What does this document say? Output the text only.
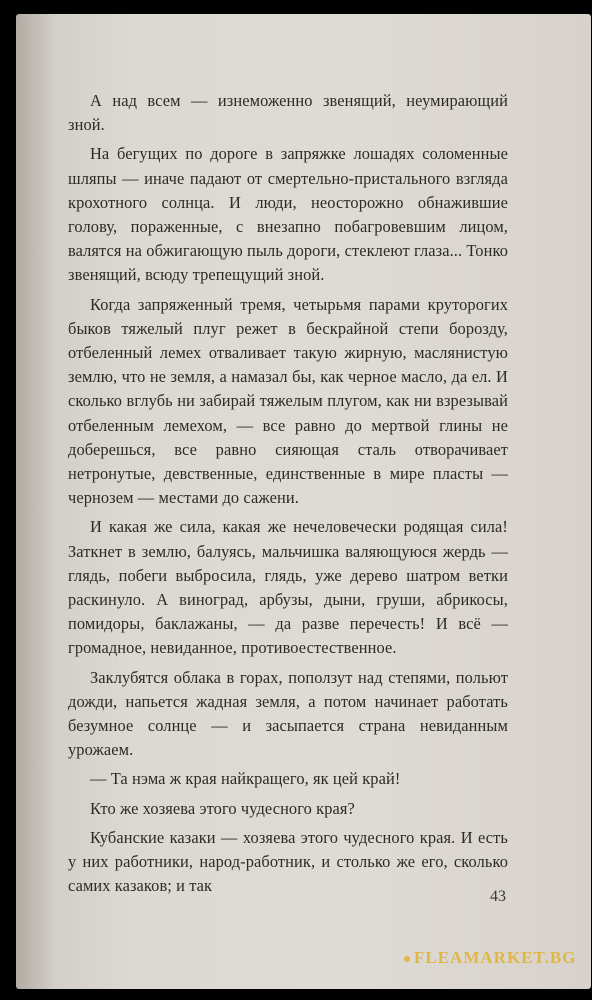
А над всем — изнеможенно звенящий, неумирающий зной.

На бегущих по дороге в запряжке лошадях соломенные шляпы — иначе падают от смертельно-пристального взгляда крохотного солнца. И люди, неосторожно обнажившие голову, пораженные, с внезапно побагровевшим лицом, валятся на обжигающую пыль дороги, стеклеют глаза... Тонко звенящий, всюду трепещущий зной.

Когда запряженный тремя, четырьмя парами круторогих быков тяжелый плуг режет в бескрайной степи борозду, отбеленный лемех отваливает такую жирную, маслянистую землю, что не земля, а намазал бы, как черное масло, да ел. И сколько вглубь ни забирай тяжелым плугом, как ни взрезывай отбеленным лемехом, — все равно до мертвой глины не доберешься, все равно сияющая сталь отворачивает нетронутые, девственные, единственные в мире пласты — чернозем — местами до сажени.

И какая же сила, какая же нечеловечески родящая сила! Заткнет в землю, балуясь, мальчишка валяющуюся жердь — глядь, побеги выбросила, глядь, уже дерево шатром ветки раскинуло. А виноград, арбузы, дыни, груши, абрикосы, помидоры, баклажаны, — да разве перечесть! И всё — громадное, невиданное, противоестественное.

Заклубятся облака в горах, поползут над степями, польют дожди, напьется жадная земля, а потом начинает работать безумное солнце — и засыпается страна невиданным урожаем.

— Та нэма ж края найкращего, як цей край!

Кто же хозяева этого чудесного края?

Кубанские казаки — хозяева этого чудесного края. И есть у них работники, народ-работник, и столько же его, сколько самих казаков; и так

43
FLEAMARKET.BG
